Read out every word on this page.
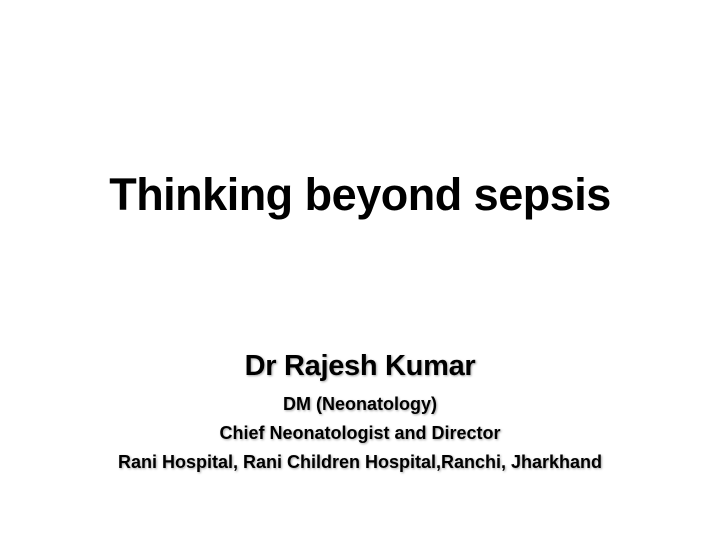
Thinking beyond sepsis
Dr Rajesh Kumar
DM (Neonatology)
Chief Neonatologist and Director
Rani Hospital, Rani Children Hospital,Ranchi, Jharkhand
